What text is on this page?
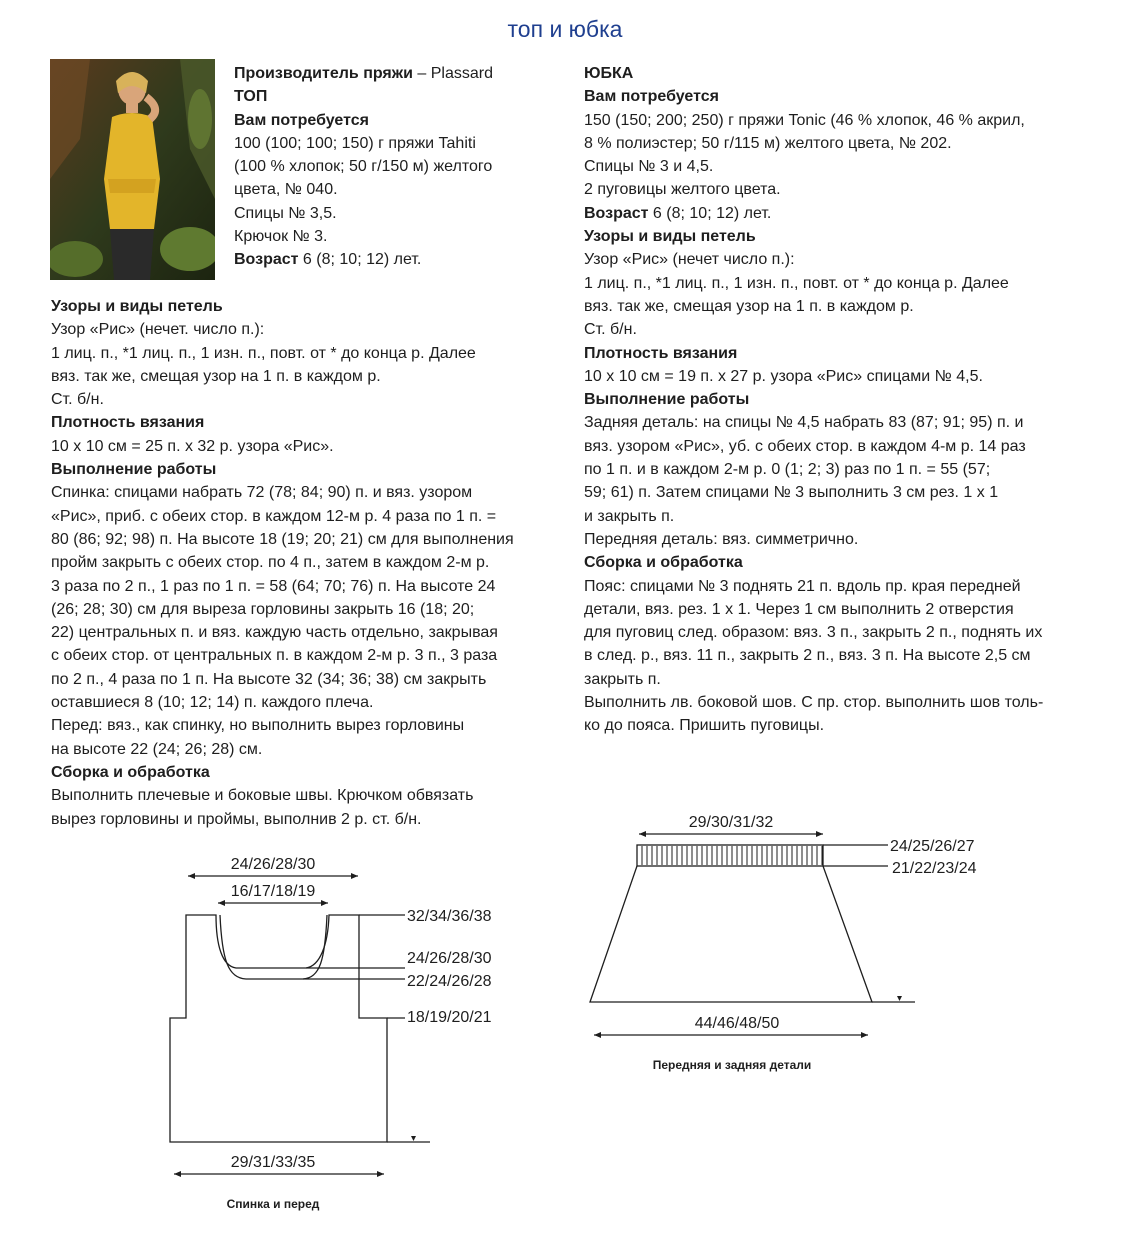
топ и юбка

Производитель пряжи – Plassard

ТОП

Вам потребуется

100 (100; 100; 150) г пряжи Tahiti

(100 % хлопок; 50 г/150 м) желтого

цвета, № 040.

Спицы № 3,5.

Крючок № 3.

Возраст 6 (8; 10; 12) лет.

Узоры и виды петель

Узор «Рис» (нечет. число п.):

1 лиц. п., *1 лиц. п., 1 изн. п., повт. от * до конца р. Далее

вяз. так же, смещая узор на 1 п. в каждом р.

Ст. б/н.

Плотность вязания

10 х 10 см = 25 п. х 32 р. узора «Рис».

Выполнение работы

Спинка: спицами набрать 72 (78; 84; 90) п. и вяз. узором

«Рис», приб. с обеих стор. в каждом 12-м р. 4 раза по 1 п. =

80 (86; 92; 98) п. На высоте 18 (19; 20; 21) см для выполнения

пройм закрыть с обеих стор. по 4 п., затем в каждом 2-м р.

3 раза по 2 п., 1 раз по 1 п. = 58 (64; 70; 76) п. На высоте 24

(26; 28; 30) см для выреза горловины закрыть 16 (18; 20;

22) центральных п. и вяз. каждую часть отдельно, закрывая

с обеих стор. от центральных п. в каждом 2-м р. 3 п., 3 раза

по 2 п., 4 раза по 1 п. На высоте 32 (34; 36; 38) см закрыть

оставшиеся 8 (10; 12; 14) п. каждого плеча.

Перед: вяз., как спинку, но выполнить вырез горловины

на высоте 22 (24; 26; 28) см.

Сборка и обработка

Выполнить плечевые и боковые швы. Крючком обвязать

вырез горловины и проймы, выполнив 2 р. ст. б/н.

ЮБКА

Вам потребуется

150 (150; 200; 250) г пряжи Tonic (46 % хлопок, 46 % акрил,

8 % полиэстер; 50 г/115 м) желтого цвета, № 202.

Спицы № 3 и 4,5.

2 пуговицы желтого цвета.

Возраст 6 (8; 10; 12) лет.

Узоры и виды петель

Узор «Рис» (нечет число п.):

1 лиц. п., *1 лиц. п., 1 изн. п., повт. от * до конца р. Далее

вяз. так же, смещая узор на 1 п. в каждом р.

Ст. б/н.

Плотность вязания

10 х 10 см = 19 п. х 27 р. узора «Рис» спицами № 4,5.

Выполнение работы

Задняя деталь: на спицы № 4,5 набрать 83 (87; 91; 95) п. и

вяз. узором «Рис», уб. с обеих стор. в каждом 4-м р. 14 раз

по 1 п. и в каждом 2-м р. 0 (1; 2; 3) раз по 1 п. = 55 (57;

59; 61) п. Затем спицами № 3 выполнить 3 см рез. 1 х 1

и закрыть п.

Передняя деталь: вяз. симметрично.

Сборка и обработка

Пояс: спицами № 3 поднять 21 п. вдоль пр. края передней

детали, вяз. рез. 1 х 1. Через 1 см выполнить 2 отверстия

для пуговиц след. образом: вяз. 3 п., закрыть 2 п., поднять их

в след. р., вяз. 11 п., закрыть 2 п., вяз. 3 п. На высоте 2,5 см

закрыть п.

Выполнить лв. боковой шов. С пр. стор. выполнить шов толь-

ко до пояса. Пришить пуговицы.

24/26/28/30
16/17/18/19
32/34/36/38
24/26/28/30
22/24/26/28
18/19/20/21
29/31/33/35
Спинка и перед
29/30/31/32
24/25/26/27
21/22/23/24
44/46/48/50
Передняя и задняя детали
